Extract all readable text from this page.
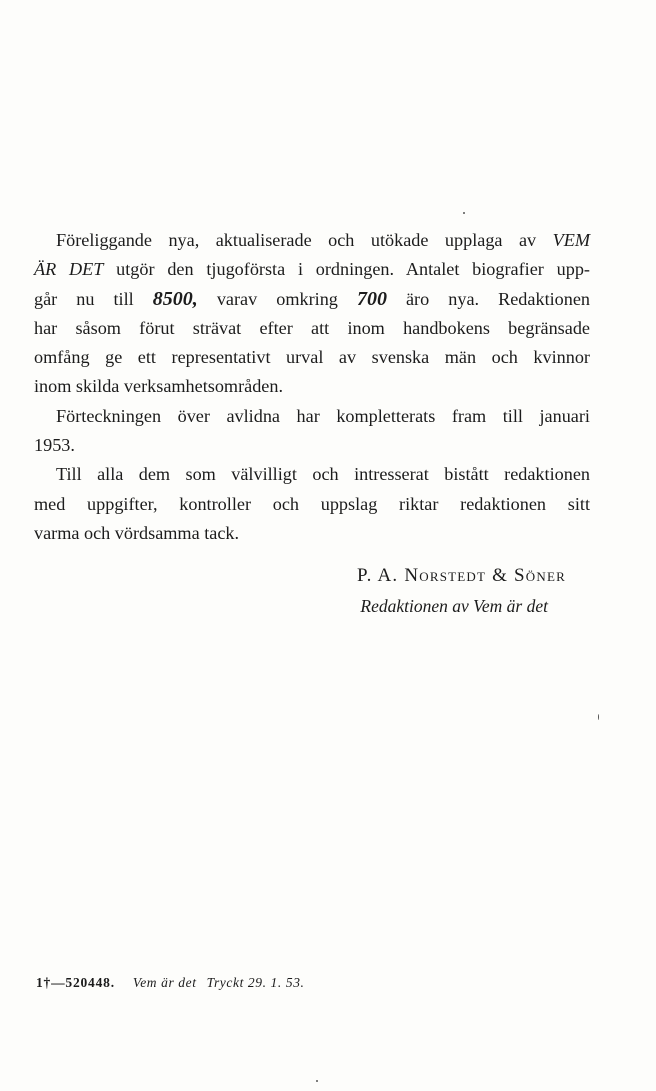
Föreliggande nya, aktualiserade och utökade upplaga av VEM
ÄR DET utgör den tjugoförsta i ordningen. Antalet biografier upp-
går nu till 8500, varav omkring 700 äro nya. Redaktionen
har såsom förut strävat efter att inom handbokens begränsade
omfång ge ett representativt urval av svenska män och kvinnor
inom skilda verksamhetsområden.
Förteckningen över avlidna har kompletterats fram till januari
1953.
Till alla dem som välvilligt och intresserat bistått redaktionen
med uppgifter, kontroller och uppslag riktar redaktionen sitt
varma och vördsamma tack.
P. A. Norstedt & Söner
Redaktionen av Vem är det
1†—520448. Vem är det Tryckt 29. 1. 53.
